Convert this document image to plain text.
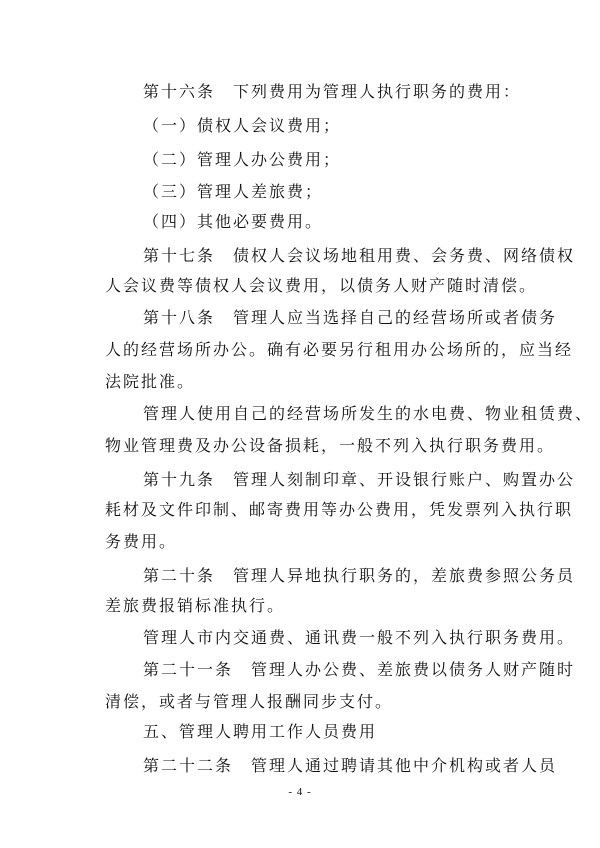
第十六条　下列费用为管理人执行职务的费用：
（一）债权人会议费用；
（二）管理人办公费用；
（三）管理人差旅费；
（四）其他必要费用。
第十七条　债权人会议场地租用费、会务费、网络债权
人会议费等债权人会议费用，以债务人财产随时清偿。
第十八条　管理人应当选择自己的经营场所或者债务
人的经营场所办公。确有必要另行租用办公场所的，应当经
法院批准。
管理人使用自己的经营场所发生的水电费、物业租赁费、
物业管理费及办公设备损耗，一般不列入执行职务费用。
第十九条　管理人刻制印章、开设银行账户、购置办公
耗材及文件印制、邮寄费用等办公费用，凭发票列入执行职
务费用。
第二十条　管理人异地执行职务的，差旅费参照公务员
差旅费报销标准执行。
管理人市内交通费、通讯费一般不列入执行职务费用。
第二十一条　管理人办公费、差旅费以债务人财产随时
清偿，或者与管理人报酬同步支付。
五、管理人聘用工作人员费用
第二十二条　管理人通过聘请其他中介机构或者人员
- 4 -
